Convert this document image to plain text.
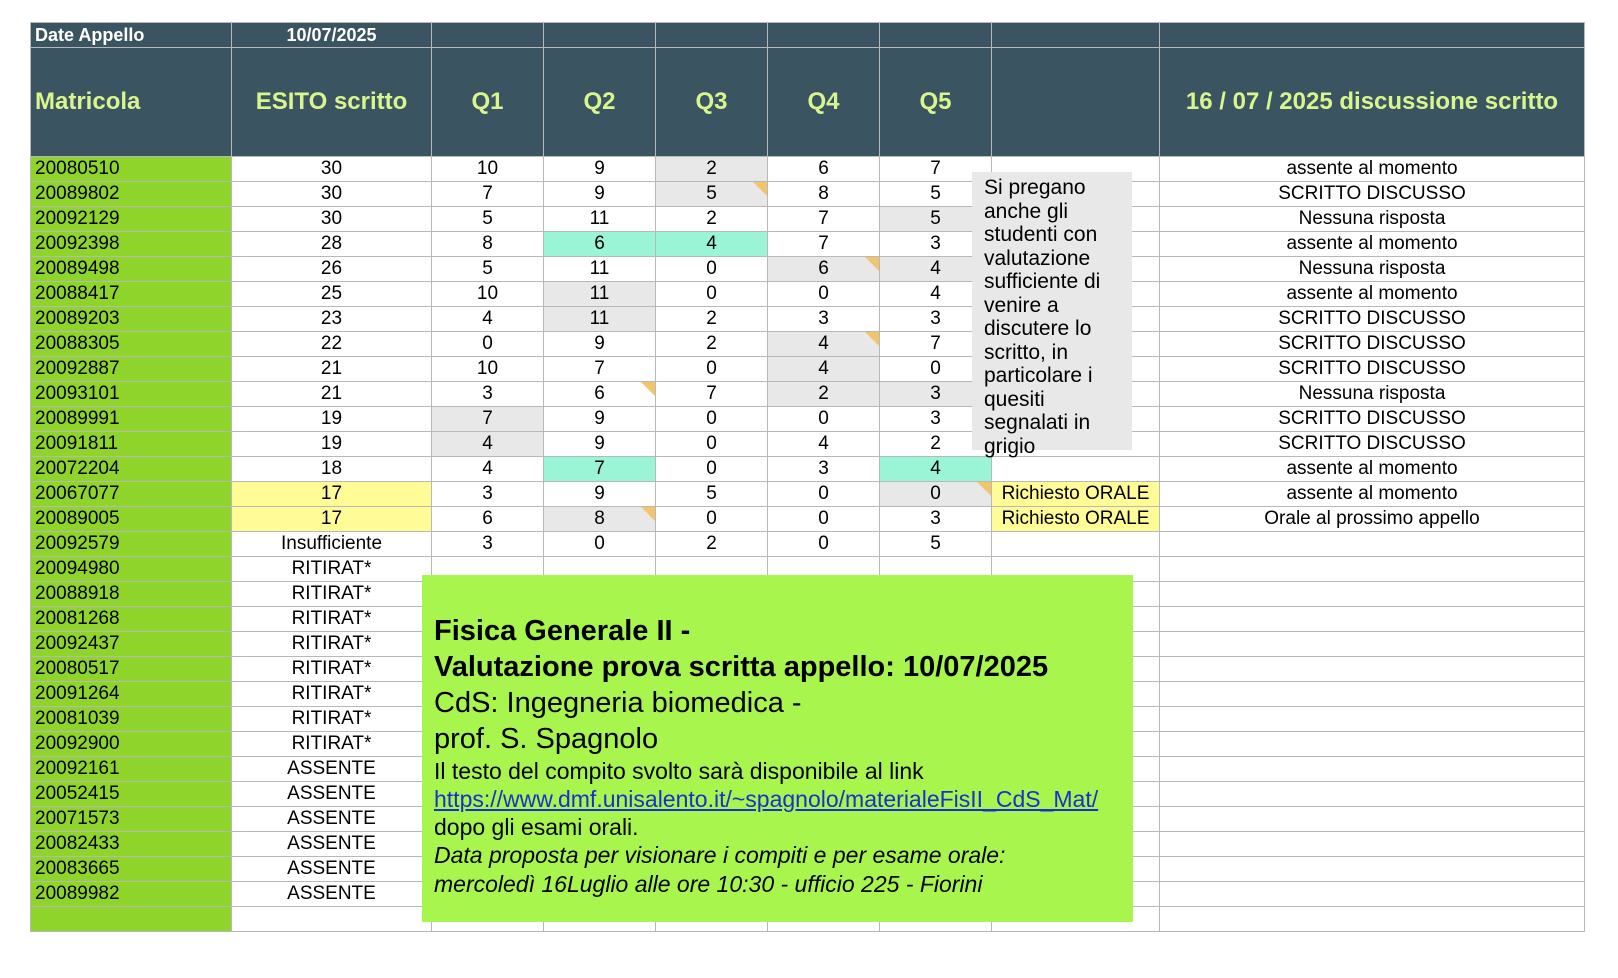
Date Appello	10/07/2025							
Matricola	ESITO scritto	Q1	Q2	Q3	Q4	Q5		16 / 07 / 2025 discussione scritto
20080510	30	10	9	2	6	7		assente al momento
20089802	30	7	9	5	8	5		SCRITTO DISCUSSO
20092129	30	5	11	2	7	5		Nessuna risposta
20092398	28	8	6	4	7	3		assente al momento
20089498	26	5	11	0	6	4		Nessuna risposta
20088417	25	10	11	0	0	4		assente al momento
20089203	23	4	11	2	3	3		SCRITTO DISCUSSO
20088305	22	0	9	2	4	7		SCRITTO DISCUSSO
20092887	21	10	7	0	4	0		SCRITTO DISCUSSO
20093101	21	3	6	7	2	3		Nessuna risposta
20089991	19	7	9	0	0	3		SCRITTO DISCUSSO
20091811	19	4	9	0	4	2		SCRITTO DISCUSSO
20072204	18	4	7	0	3	4		assente al momento
20067077	17	3	9	5	0	0	Richiesto ORALE	assente al momento
20089005	17	6	8	0	0	3	Richiesto ORALE	Orale al prossimo appello
20092579	Insufficiente	3	0	2	0	5		
20094980	RITIRAT*							
20088918	RITIRAT*							
20081268	RITIRAT*							
20092437	RITIRAT*							
20080517	RITIRAT*							
20091264	RITIRAT*							
20081039	RITIRAT*							
20092900	RITIRAT*							
20092161	ASSENTE							
20052415	ASSENTE							
20071573	ASSENTE							
20082433	ASSENTE							
20083665	ASSENTE							
20089982	ASSENTE							

Si pregano anche gli studenti con valutazione sufficiente di venire a discutere lo scritto, in particolare i quesiti segnalati in grigio
Fisica Generale II -
Valutazione prova scritta appello: 10/07/2025
CdS: Ingegneria biomedica -
prof. S. Spagnolo
Il testo del compito svolto sarà disponibile al link
https://www.dmf.unisalento.it/~spagnolo/materialeFisII_CdS_Mat/
dopo gli esami orali.
Data proposta per visionare i compiti e per esame orale:
mercoledì 16Luglio alle ore 10:30 - ufficio 225 - Fiorini
